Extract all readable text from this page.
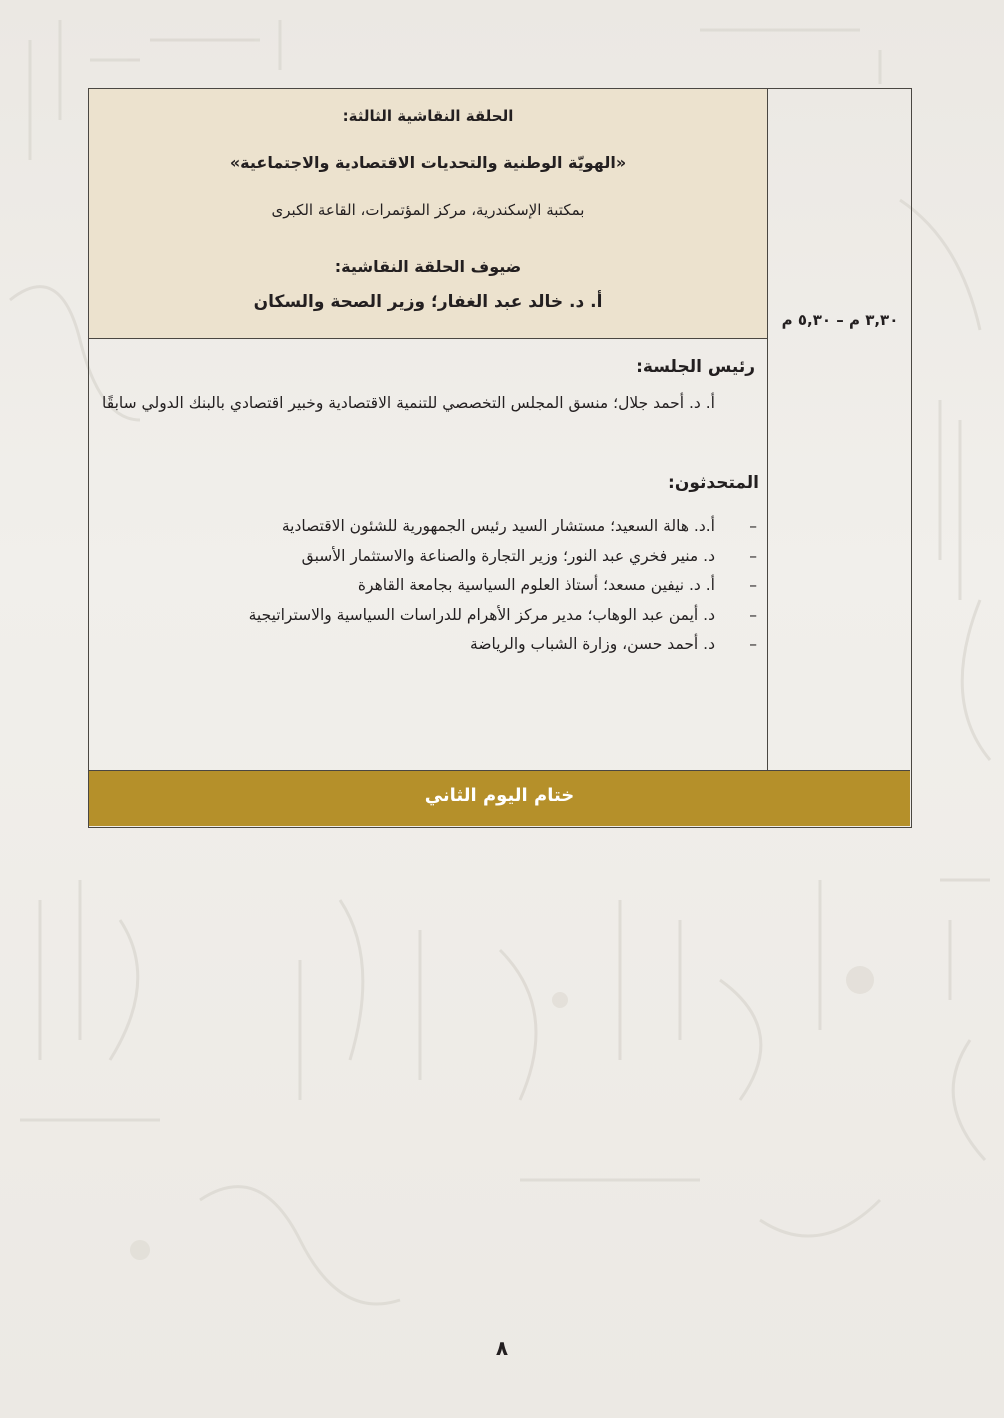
٣,٣٠ م – ٥,٣٠ م
الحلقة النقاشية الثالثة:
«الهويّة الوطنية والتحديات الاقتصادية والاجتماعية»
بمكتبة الإسكندرية، مركز المؤتمرات، القاعة الكبرى
ضيوف الحلقة النقاشية:
أ. د. خالد عبد الغفار؛ وزير الصحة والسكان
رئيس الجلسة:
أ. د. أحمد جلال؛ منسق المجلس التخصصي للتنمية الاقتصادية وخبير اقتصادي بالبنك الدولي سابقًا
المتحدثون:
–
أ.د. هالة السعيد؛ مستشار السيد رئيس الجمهورية للشئون الاقتصادية
–
د. منير فخري عبد النور؛ وزير التجارة والصناعة والاستثمار الأسبق
–
أ. د. نيفين مسعد؛ أستاذ العلوم السياسية بجامعة القاهرة
–
د. أيمن عبد الوهاب؛ مدير مركز الأهرام للدراسات السياسية والاستراتيجية
–
د. أحمد حسن، وزارة الشباب والرياضة
ختام اليوم الثاني
٨
